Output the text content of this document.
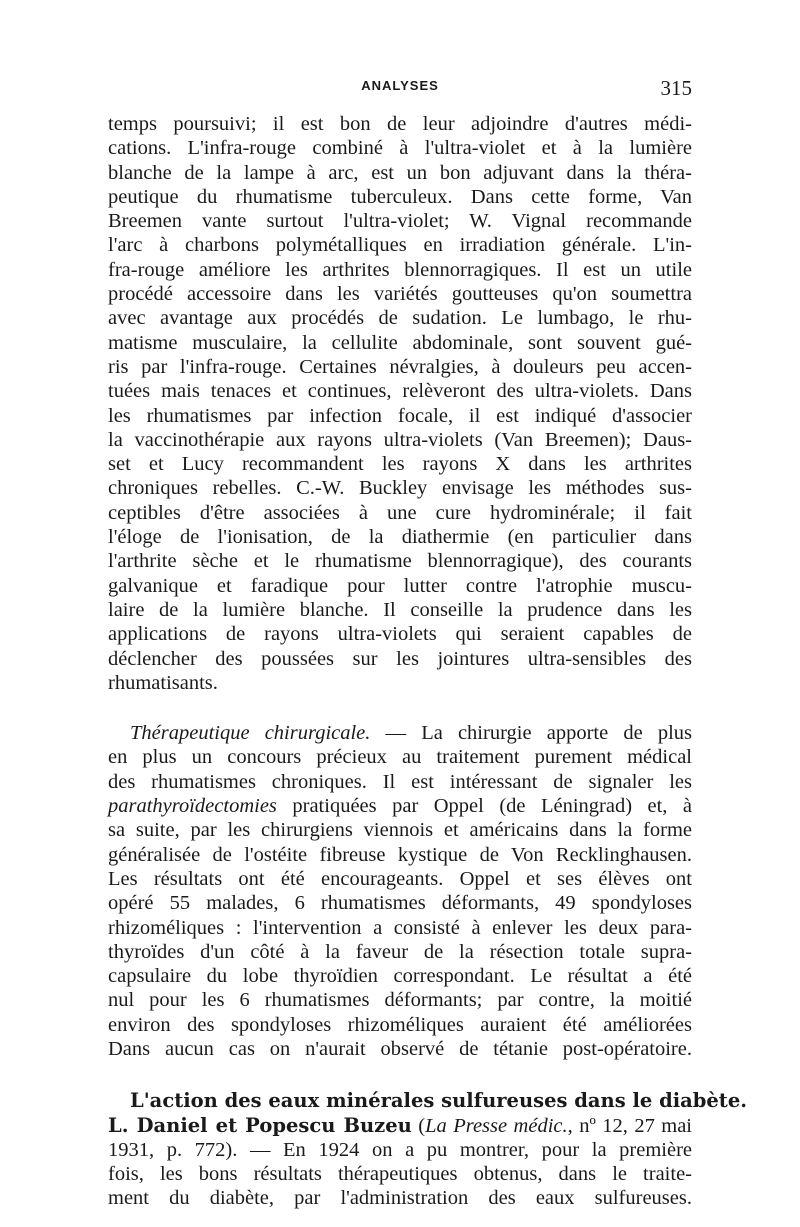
ANALYSES	315
temps poursuivi; il est bon de leur adjoindre d'autres médi-
cations. L'infra-rouge combiné à l'ultra-violet et à la lumière
blanche de la lampe à arc, est un bon adjuvant dans la théra-
peutique du rhumatisme tuberculeux. Dans cette forme, Van
Breemen vante surtout l'ultra-violet; W. Vignal recommande
l'arc à charbons polymétalliques en irradiation générale. L'in-
fra-rouge améliore les arthrites blennorragiques. Il est un utile
procédé accessoire dans les variétés goutteuses qu'on soumettra
avec avantage aux procédés de sudation. Le lumbago, le rhu-
matisme musculaire, la cellulite abdominale, sont souvent gué-
ris par l'infra-rouge. Certaines névralgies, à douleurs peu accen-
tuées mais tenaces et continues, relèveront des ultra-violets. Dans
les rhumatismes par infection focale, il est indiqué d'associer
la vaccinothérapie aux rayons ultra-violets (Van Breemen); Daus-
set et Lucy recommandent les rayons X dans les arthrites
chroniques rebelles. C.-W. Buckley envisage les méthodes sus-
ceptibles d'être associées à une cure hydrominérale; il fait
l'éloge de l'ionisation, de la diathermie (en particulier dans
l'arthrite sèche et le rhumatisme blennorragique), des courants
galvanique et faradique pour lutter contre l'atrophie muscu-
laire de la lumière blanche. Il conseille la prudence dans les
applications de rayons ultra-violets qui seraient capables de
déclencher des poussées sur les jointures ultra-sensibles des
rhumatisants.
Thérapeutique chirurgicale. — La chirurgie apporte de plus
en plus un concours précieux au traitement purement médical
des rhumatismes chroniques. Il est intéressant de signaler les
parathyroïdectomies pratiquées par Oppel (de Léningrad) et, à
sa suite, par les chirurgiens viennois et américains dans la forme
généralisée de l'ostéite fibreuse kystique de Von Recklinghausen.
Les résultats ont été encourageants. Oppel et ses élèves ont
opéré 55 malades, 6 rhumatismes déformants, 49 spondyloses
rhizoméliques : l'intervention a consisté à enlever les deux para-
thyroïdes d'un côté à la faveur de la résection totale supra-
capsulaire du lobe thyroïdien correspondant. Le résultat a été
nul pour les 6 rhumatismes déformants; par contre, la moitié
environ des spondyloses rhizoméliques auraient été améliorées
Dans aucun cas on n'aurait observé de tétanie post-opératoire.
L'action des eaux minérales sulfureuses dans le diabète.
L. Daniel et Popescu Buzeu (La Presse médic., nº 12, 27 mai
1931, p. 772). — En 1924 on a pu montrer, pour la première
fois, les bons résultats thérapeutiques obtenus, dans le traite-
ment du diabète, par l'administration des eaux sulfureuses.
